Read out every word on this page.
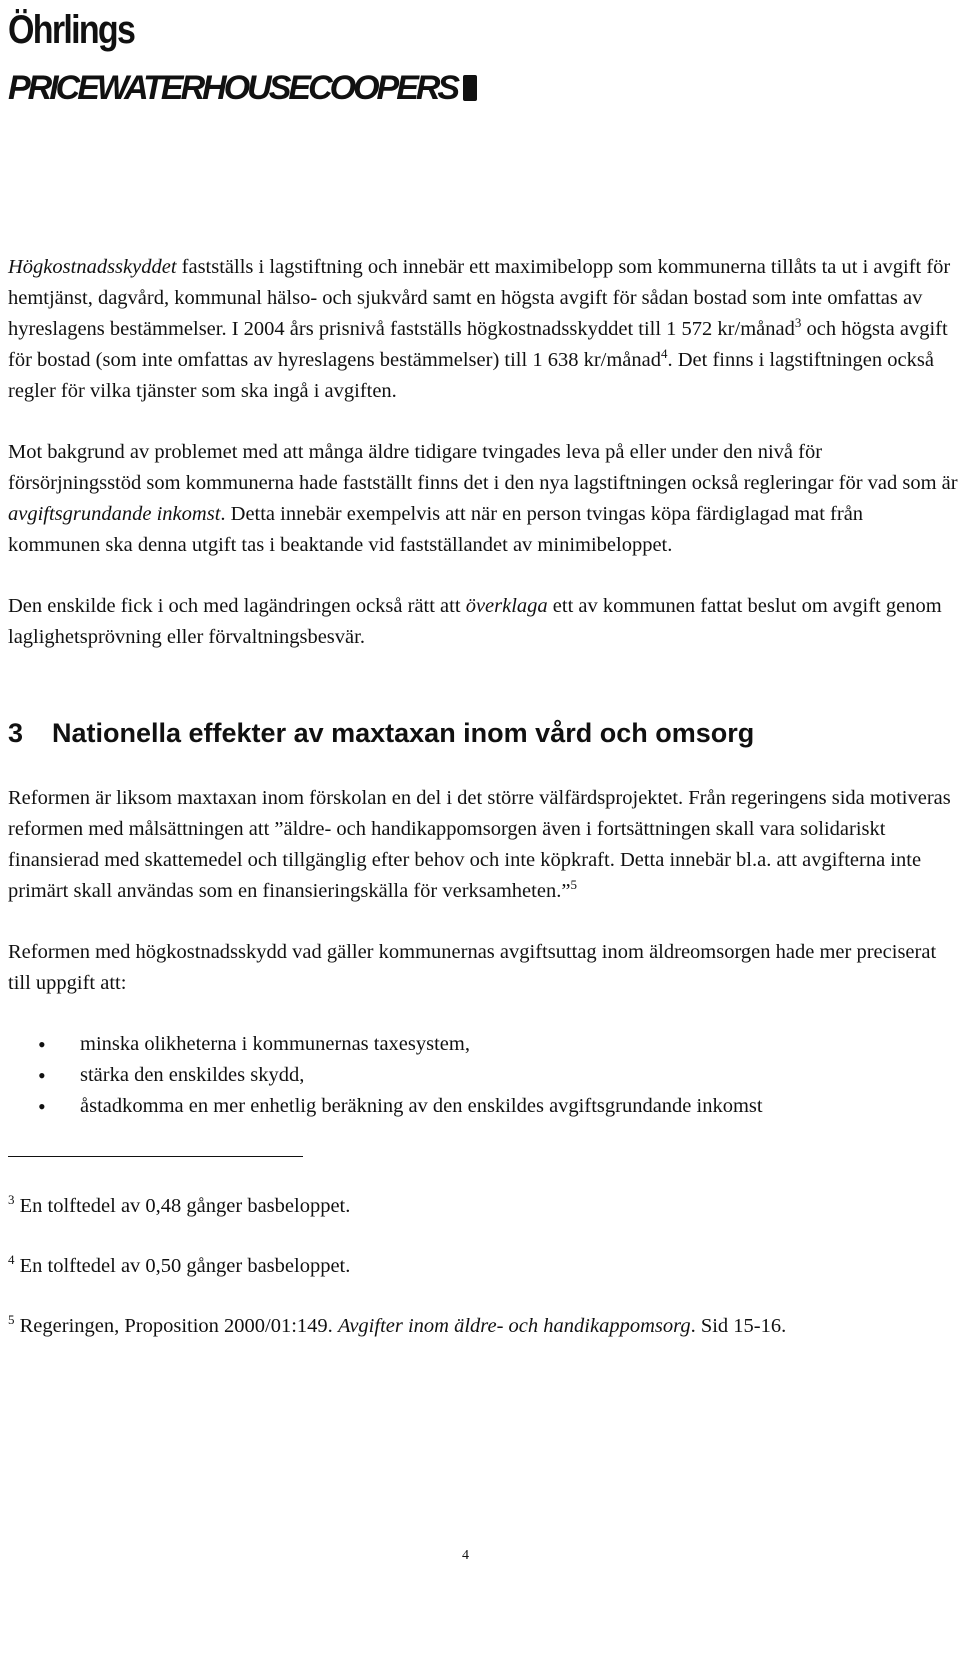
Öhrlings
PRICEWATERHOUSECOOPERS

Högkostnadsskyddet fastställs i lagstiftning och innebär ett maximibelopp som kommunerna tillåts ta ut i avgift för hemtjänst, dagvård, kommunal hälso- och sjukvård samt en högsta avgift för sådan bostad som inte omfattas av hyreslagens bestämmelser. I 2004 års prisnivå fastställs högkostnadsskyddet till 1 572 kr/månad$^3$ och högsta avgift för bostad (som inte omfattas av hyreslagens bestämmelser) till 1 638 kr/månad$^4$. Det finns i lagstiftningen också regler för vilka tjänster som ska ingå i avgiften.

Mot bakgrund av problemet med att många äldre tidigare tvingades leva på eller under den nivå för försörjningsstöd som kommunerna hade fastställt finns det i den nya lagstiftningen också regleringar för vad som är avgiftsgrundande inkomst. Detta innebär exempelvis att när en person tvingas köpa färdiglagad mat från kommunen ska denna utgift tas i beaktande vid fastställandet av minimibeloppet.

Den enskilde fick i och med lagändringen också rätt att överklaga ett av kommunen fattat beslut om avgift genom laglighetsprövning eller förvaltningsbesvär.

3 Nationella effekter av maxtaxan inom vård och omsorg

Reformen är liksom maxtaxan inom förskolan en del i det större välfärdsprojektet. Från regeringens sida motiveras reformen med målsättningen att ”äldre- och handikappomsorgen även i fortsättningen skall vara solidariskt finansierad med skattemedel och tillgänglig efter behov och inte köpkraft. Detta innebär bl.a. att avgifterna inte primärt skall användas som en finansieringskälla för verksamheten.”$^5$

Reformen med högkostnadsskydd vad gäller kommunernas avgiftsuttag inom äldreomsorgen hade mer preciserat till uppgift att:

• minska olikheterna i kommunernas taxesystem,
• stärka den enskildes skydd,
• åstadkomma en mer enhetlig beräkning av den enskildes avgiftsgrundande inkomst
$^3$ En tolftedel av 0,48 gånger basbeloppet.
$^4$ En tolftedel av 0,50 gånger basbeloppet.
$^5$ Regeringen, Proposition 2000/01:149. Avgifter inom äldre- och handikappomsorg. Sid 15-16.
4
